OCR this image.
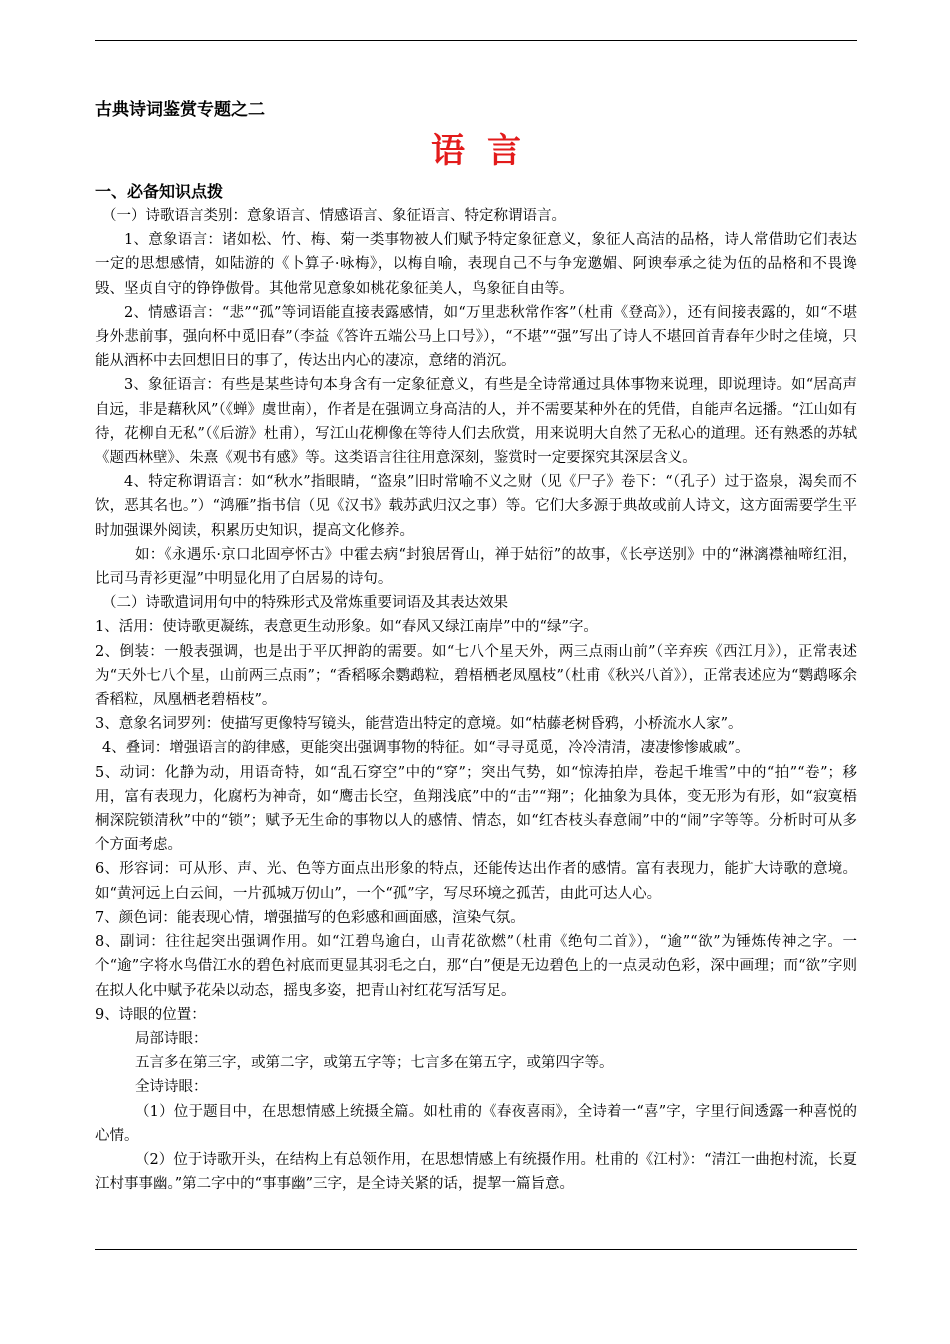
古典诗词鉴赏专题之二
语言
一、必备知识点拨
（一）诗歌语言类别：意象语言、情感语言、象征语言、特定称谓语言。
1、意象语言：诸如松、竹、梅、菊一类事物被人们赋予特定象征意义，象征人高洁的品格，诗人常借助它们表达一定的思想感情，如陆游的《卜算子·咏梅》，以梅自喻，表现自己不与争宠邀媚、阿谀奉承之徒为伍的品格和不畏谗毁、坚贞自守的铮铮傲骨。其他常见意象如桃花象征美人，鸟象征自由等。
2、情感语言：“悲”“孤”等词语能直接表露感情，如“万里悲秋常作客”（杜甫《登高》），还有间接表露的，如“不堪身外悲前事，强向杯中觅旧春”（李益《答许五端公马上口号》），“不堪”“强”写出了诗人不堪回首青春年少时之佳境，只能从酒杯中去回想旧日的事了，传达出内心的凄凉，意绪的消沉。
3、象征语言：有些是某些诗句本身含有一定象征意义，有些是全诗常通过具体事物来说理，即说理诗。如“居高声自远，非是藉秋风”（《蝉》虞世南），作者是在强调立身高洁的人，并不需要某种外在的凭借，自能声名远播。“江山如有待，花柳自无私”（《后游》杜甫），写江山花柳像在等待人们去欣赏，用来说明大自然了无私心的道理。还有熟悉的苏轼《题西林壁》、朱熹《观书有感》等。这类语言往往用意深刻，鉴赏时一定要探究其深层含义。
4、特定称谓语言：如“秋水”指眼睛，“盗泉”旧时常喻不义之财（见《尸子》卷下：“（孔子）过于盗泉，渴矣而不饮，恶其名也。”）“鸿雁”指书信（见《汉书》载苏武归汉之事）等。它们大多源于典故或前人诗文，这方面需要学生平时加强课外阅读，积累历史知识，提高文化修养。
如：《永遇乐·京口北固亭怀古》中霍去病“封狼居胥山，禅于姑衍”的故事，《长亭送别》中的“淋漓襟袖啼红泪，比司马青衫更湿”中明显化用了白居易的诗句。
（二）诗歌遣词用句中的特殊形式及常炼重要词语及其表达效果
1、活用：使诗歌更凝练，表意更生动形象。如“春风又绿江南岸”中的“绿”字。
2、倒装：一般表强调，也是出于平仄押韵的需要。如“七八个星天外，两三点雨山前”（辛弃疾《西江月》），正常表述为“天外七八个星，山前两三点雨”；“香稻啄余鹦鹉粒，碧梧栖老凤凰枝”（杜甫《秋兴八首》），正常表述应为“鹦鹉啄余香稻粒，凤凰栖老碧梧枝”。
3、意象名词罗列：使描写更像特写镜头，能营造出特定的意境。如“枯藤老树昏鸦，小桥流水人家”。
4、叠词：增强语言的韵律感，更能突出强调事物的特征。如“寻寻觅觅，冷冷清清，凄凄惨惨戚戚”。
5、动词：化静为动，用语奇特，如“乱石穿空”中的“穿”；突出气势，如“惊涛拍岸，卷起千堆雪”中的“拍”“卷”；移用，富有表现力，化腐朽为神奇，如“鹰击长空，鱼翔浅底”中的“击”“翔”；化抽象为具体，变无形为有形，如“寂寞梧桐深院锁清秋”中的“锁”；赋予无生命的事物以人的感情、情态，如“红杏枝头春意闹”中的“闹”字等等。分析时可从多个方面考虑。
6、形容词：可从形、声、光、色等方面点出形象的特点，还能传达出作者的感情。富有表现力，能扩大诗歌的意境。如“黄河远上白云间，一片孤城万仞山”，一个“孤”字，写尽环境之孤苦，由此可达人心。
7、颜色词：能表现心情，增强描写的色彩感和画面感，渲染气氛。
8、副词：往往起突出强调作用。如“江碧鸟逾白，山青花欲燃”（杜甫《绝句二首》），“逾”“欲”为锤炼传神之字。一个“逾”字将水鸟借江水的碧色衬底而更显其羽毛之白，那“白”便是无边碧色上的一点灵动色彩，深中画理；而“欲”字则在拟人化中赋予花朵以动态，摇曳多姿，把青山衬红花写活写足。
9、诗眼的位置：
局部诗眼：
五言多在第三字，或第二字，或第五字等；七言多在第五字，或第四字等。
全诗诗眼：
（1）位于题目中，在思想情感上统摄全篇。如杜甫的《春夜喜雨》，全诗着一“喜”字，字里行间透露一种喜悦的心情。
（2）位于诗歌开头，在结构上有总领作用，在思想情感上有统摄作用。杜甫的《江村》：“清江一曲抱村流，长夏江村事事幽。”第二字中的“事事幽”三字，是全诗关紧的话，提挈一篇旨意。
